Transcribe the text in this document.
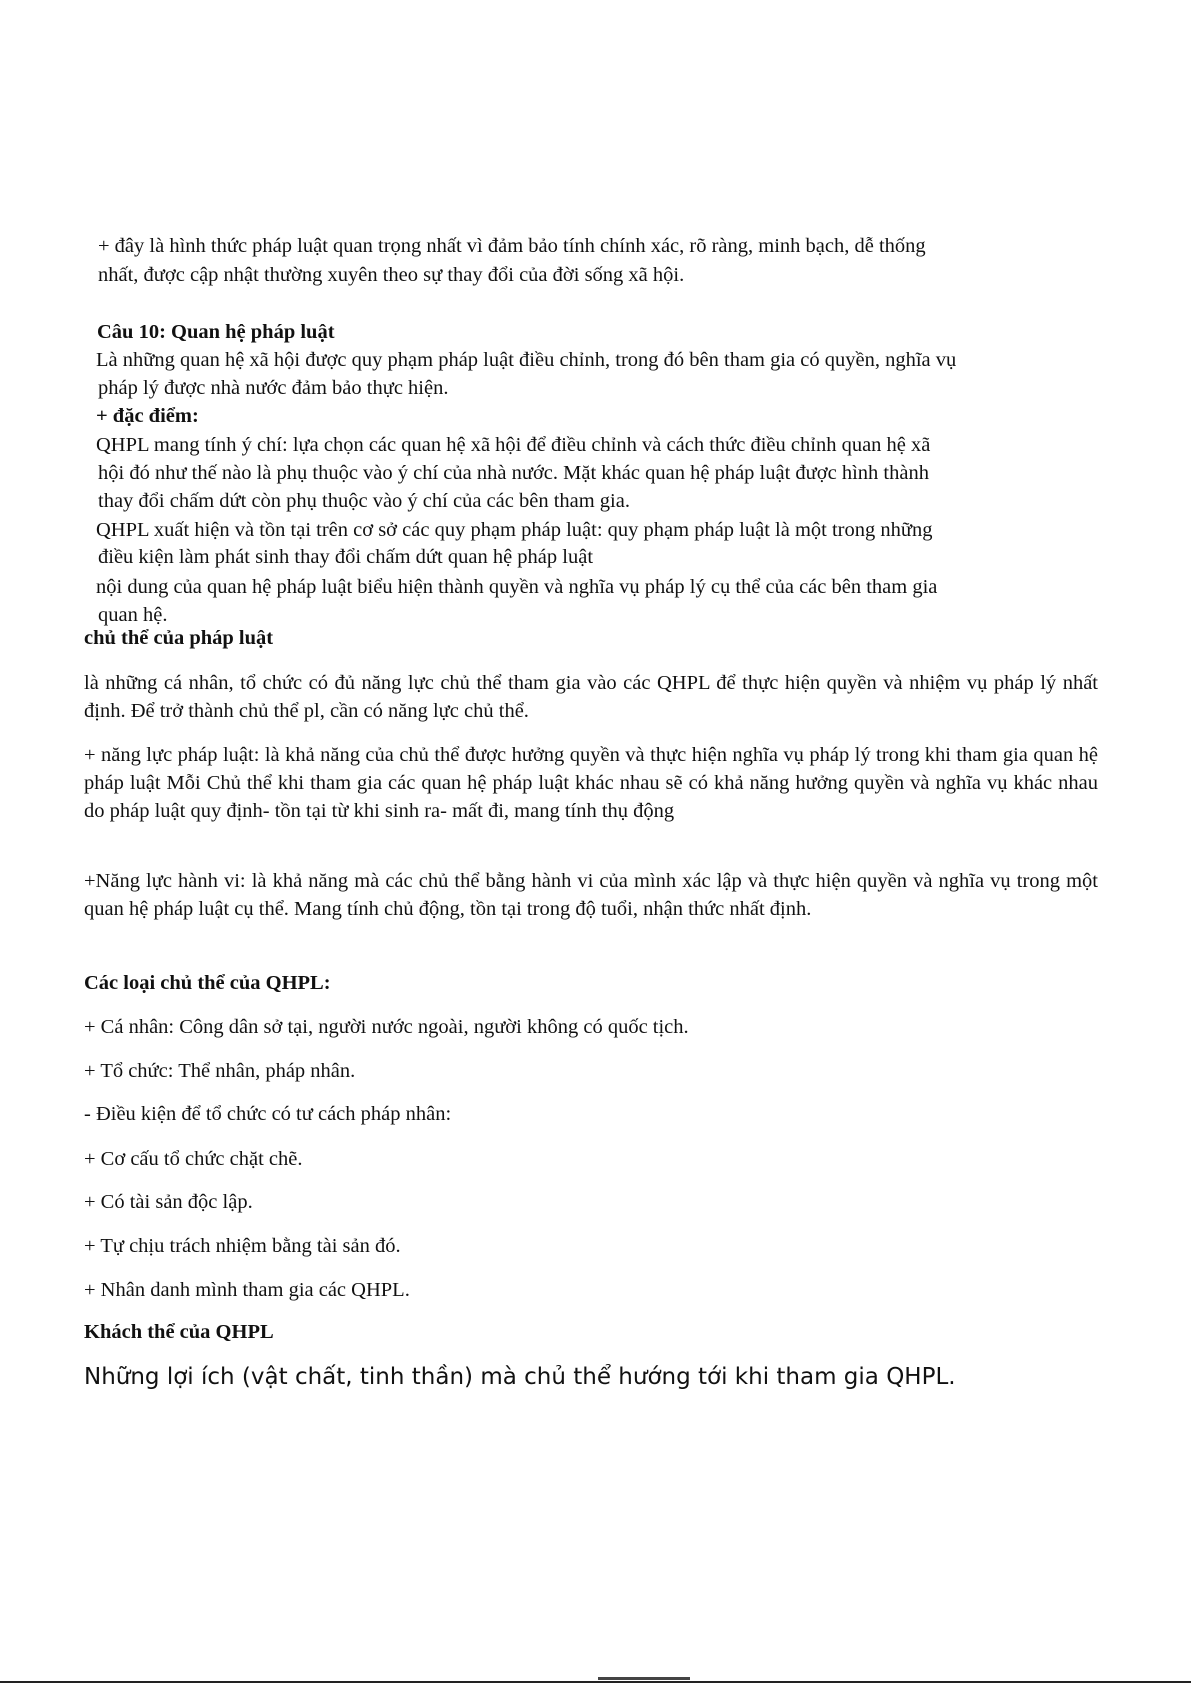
+ đây là hình thức pháp luật quan trọng nhất vì đảm bảo tính chính xác, rõ ràng, minh bạch, dễ thống

nhất, được cập nhật thường xuyên theo sự thay đổi của đời sống xã hội.

Câu 10: Quan hệ pháp luật

Là những quan hệ xã hội được quy phạm pháp luật điều chỉnh, trong đó bên tham gia có quyền, nghĩa vụ

pháp lý được nhà nước đảm bảo thực hiện.

+ đặc điểm:

QHPL mang tính ý chí: lựa chọn các quan hệ xã hội để điều chỉnh và cách thức điều chỉnh quan hệ xã

hội đó như thế nào là phụ thuộc vào ý chí của nhà nước. Mặt khác quan hệ pháp luật được hình thành

thay đổi chấm dứt còn phụ thuộc vào ý chí của các bên tham gia.

QHPL xuất hiện và tồn tại trên cơ sở các quy phạm pháp luật: quy phạm pháp luật là một trong những

điều kiện làm phát sinh thay đổi chấm dứt quan hệ pháp luật

nội dung của quan hệ pháp luật biểu hiện thành quyền và nghĩa vụ pháp lý cụ thể của các bên tham gia

quan hệ.

chủ thể của pháp luật

là những cá nhân, tổ chức có đủ năng lực chủ thể tham gia vào các QHPL để thực hiện quyền và nhiệm vụ pháp lý nhất định. Để trở thành chủ thể pl, cần có năng lực chủ thể.

+ năng lực pháp luật: là khả năng của chủ thể được hưởng quyền và thực hiện nghĩa vụ pháp lý trong khi tham gia quan hệ pháp luật Mỗi Chủ thể khi tham gia các quan hệ pháp luật khác nhau sẽ có khả năng hưởng quyền và nghĩa vụ khác nhau do pháp luật quy định- tồn tại từ khi sinh ra- mất đi, mang tính thụ động

+Năng lực hành vi: là khả năng mà các chủ thể bằng hành vi của mình xác lập và thực hiện quyền và nghĩa vụ trong một quan hệ pháp luật cụ thể. Mang tính chủ động, tồn tại trong độ tuổi, nhận thức nhất định.

Các loại chủ thể của QHPL:

+ Cá nhân: Công dân sở tại, người nước ngoài, người không có quốc tịch.

+ Tổ chức: Thể nhân, pháp nhân.

- Điều kiện để tổ chức có tư cách pháp nhân:

+ Cơ cấu tổ chức chặt chẽ.

+ Có tài sản độc lập.

+ Tự chịu trách nhiệm bằng tài sản đó.

+ Nhân danh mình tham gia các QHPL.

Khách thể của QHPL

Những lợi ích (vật chất, tinh thần) mà chủ thể hướng tới khi tham gia QHPL.
